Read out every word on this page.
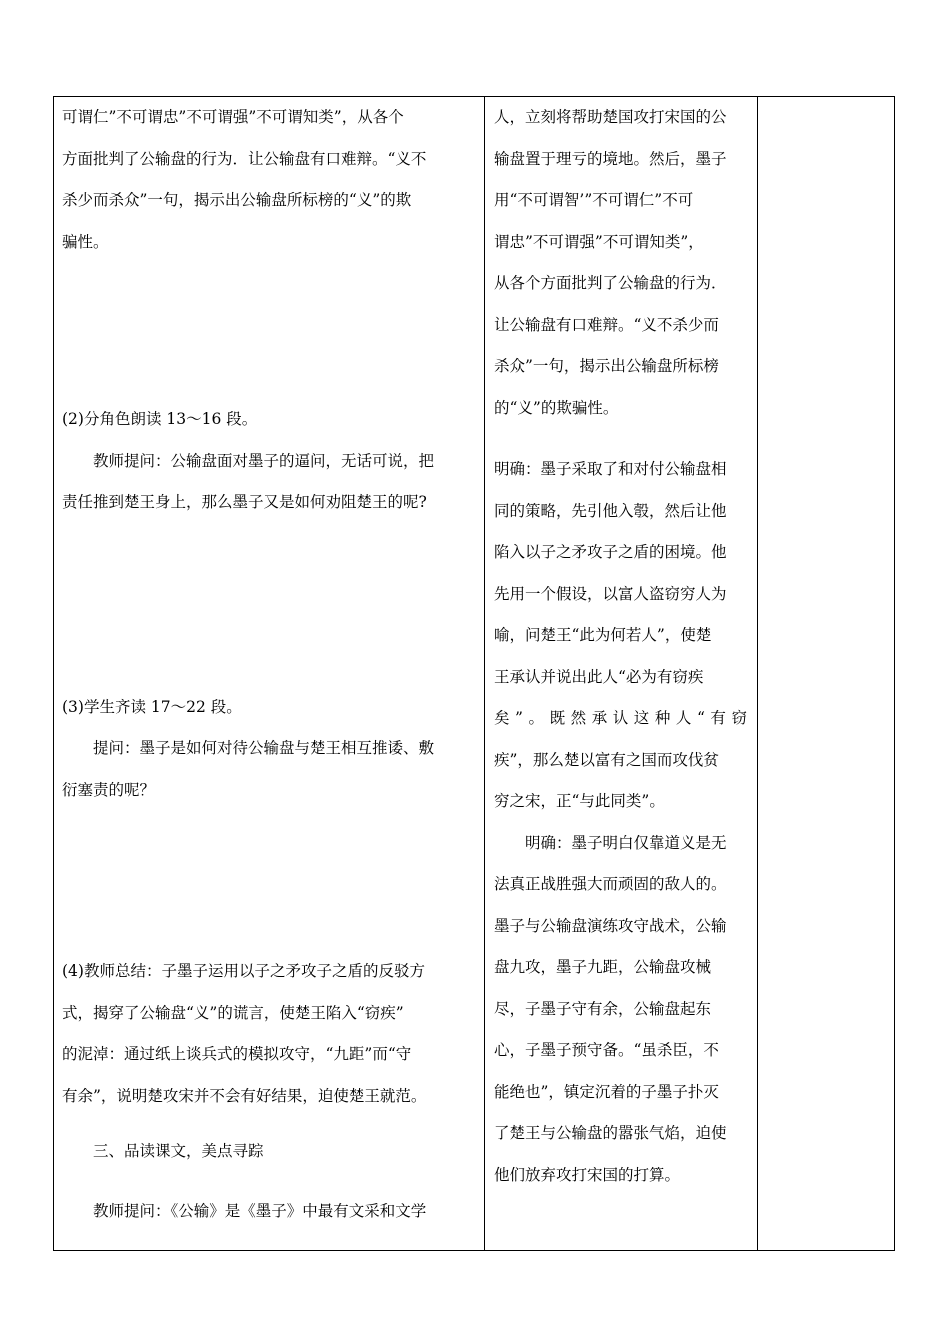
可谓仁”不可谓忠”不可谓强”不可谓知类”，从各个
方面批判了公输盘的行为．让公输盘有口难辩。“义不
杀少而杀众”一句，揭示出公输盘所标榜的“义”的欺
骗性。
(2)分角色朗读 13～16 段。
　　教师提问：公输盘面对墨子的逼问，无话可说，把
责任推到楚王身上，那么墨子又是如何劝阻楚王的呢?
(3)学生齐读 17～22 段。
　　提问：墨子是如何对待公输盘与楚王相互推诿、敷
衍塞责的呢？
(4)教师总结：子墨子运用以子之矛攻子之盾的反驳方
式，揭穿了公输盘“义”的谎言，使楚王陷入“窃疾”
的泥淖：通过纸上谈兵式的模拟攻守，“九距”而“守
有余”，说明楚攻宋并不会有好结果，迫使楚王就范。
　　三、品读课文，美点寻踪
　　教师提问：《公输》是《墨子》中最有文采和文学
人，立刻将帮助楚国攻打宋国的公
输盘置于理亏的境地。然后，墨子
用“不可谓智’”不可谓仁”不可
谓忠”不可谓强”不可谓知类”，
从各个方面批判了公输盘的行为．
让公输盘有口难辩。“义不杀少而
杀众”一句，揭示出公输盘所标榜
的“义”的欺骗性。
明确：墨子采取了和对付公输盘相
同的策略，先引他入彀，然后让他
陷入以子之矛攻子之盾的困境。他
先用一个假设，以富人盗窃穷人为
喻，问楚王“此为何若人”，使楚
王承认并说出此人“必为有窃疾
矣”。既然承认这种人“有窃
疾”，那么楚以富有之国而攻伐贫
穷之宋，正“与此同类”。
　　明确：墨子明白仅靠道义是无
法真正战胜强大而顽固的敌人的。
墨子与公输盘演练攻守战术，公输
盘九攻，墨子九距，公输盘攻械
尽，子墨子守有余，公输盘起东
心，子墨子预守备。“虽杀臣，不
能绝也”，镇定沉着的子墨子扑灭
了楚王与公输盘的嚣张气焰，迫使
他们放弃攻打宋国的打算。
